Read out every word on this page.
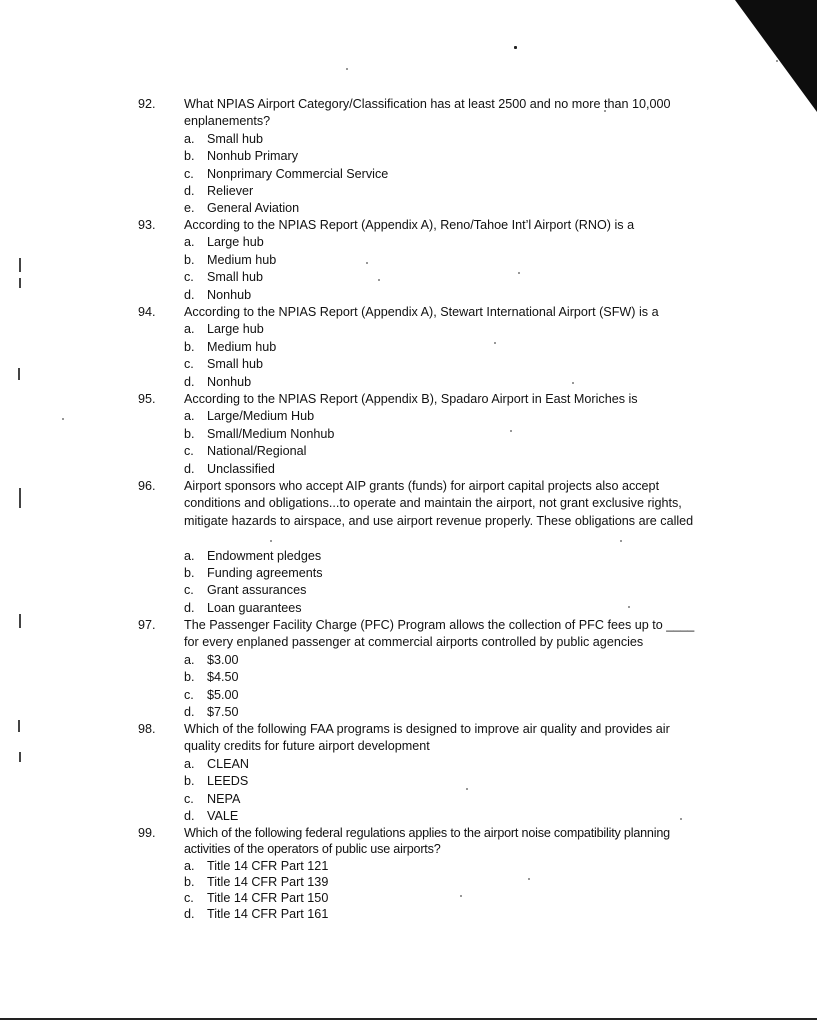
92. What NPIAS Airport Category/Classification has at least 2500 and no more than 10,000 enplanements?
a. Small hub
b. Nonhub Primary
c. Nonprimary Commercial Service
d. Reliever
e. General Aviation
93. According to the NPIAS Report (Appendix A), Reno/Tahoe Int’l Airport (RNO) is a
a. Large hub
b. Medium hub
c. Small hub
d. Nonhub
94. According to the NPIAS Report (Appendix A), Stewart International Airport (SFW) is a
a. Large hub
b. Medium hub
c. Small hub
d. Nonhub
95. According to the NPIAS Report (Appendix B), Spadaro Airport in East Moriches is
a. Large/Medium Hub
b. Small/Medium Nonhub
c. National/Regional
d. Unclassified
96. Airport sponsors who accept AIP grants (funds) for airport capital projects also accept conditions and obligations...to operate and maintain the airport, not grant exclusive rights, mitigate hazards to airspace, and use airport revenue properly. These obligations are called
a. Endowment pledges
b. Funding agreements
c. Grant assurances
d. Loan guarantees
97. The Passenger Facility Charge (PFC) Program allows the collection of PFC fees up to ____ for every enplaned passenger at commercial airports controlled by public agencies
a. $3.00
b. $4.50
c. $5.00
d. $7.50
98. Which of the following FAA programs is designed to improve air quality and provides air quality credits for future airport development
a. CLEAN
b. LEEDS
c. NEPA
d. VALE
99. Which of the following federal regulations applies to the airport noise compatibility planning activities of the operators of public use airports?
a. Title 14 CFR Part 121
b. Title 14 CFR Part 139
c. Title 14 CFR Part 150
d. Title 14 CFR Part 161
